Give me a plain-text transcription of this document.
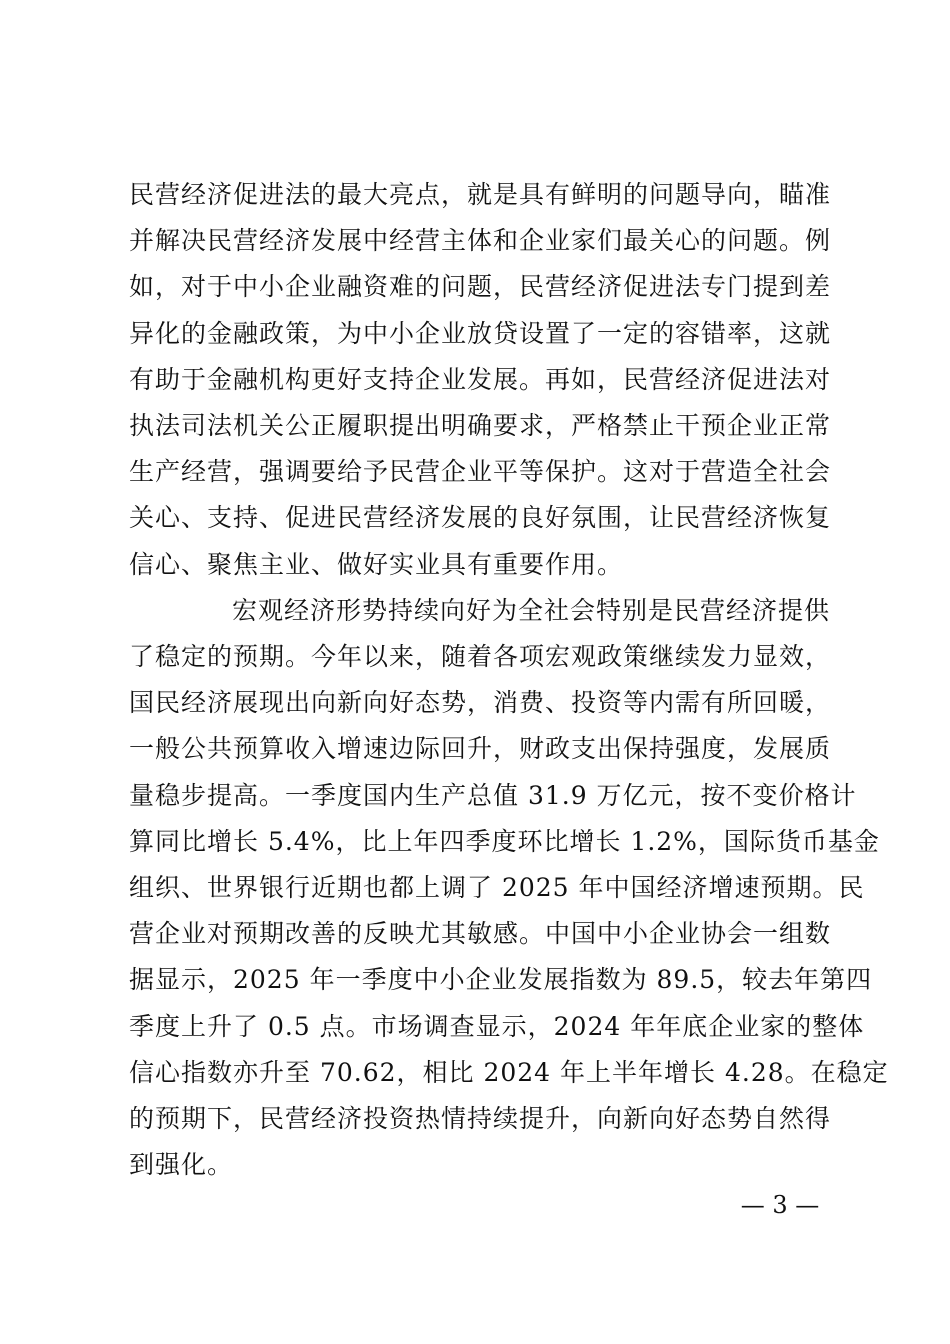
民营经济促进法的最大亮点，就是具有鲜明的问题导向，瞄准
并解决民营经济发展中经营主体和企业家们最关心的问题。例
如，对于中小企业融资难的问题，民营经济促进法专门提到差
异化的金融政策，为中小企业放贷设置了一定的容错率，这就
有助于金融机构更好支持企业发展。再如，民营经济促进法对
执法司法机关公正履职提出明确要求，严格禁止干预企业正常
生产经营，强调要给予民营企业平等保护。这对于营造全社会
关心、支持、促进民营经济发展的良好氛围，让民营经济恢复
信心、聚焦主业、做好实业具有重要作用。

宏观经济形势持续向好为全社会特别是民营经济提供
了稳定的预期。今年以来，随着各项宏观政策继续发力显效，
国民经济展现出向新向好态势，消费、投资等内需有所回暖，
一般公共预算收入增速边际回升，财政支出保持强度，发展质
量稳步提高。一季度国内生产总值 31.9 万亿元，按不变价格计
算同比增长 5.4%，比上年四季度环比增长 1.2%，国际货币基金
组织、世界银行近期也都上调了 2025 年中国经济增速预期。民
营企业对预期改善的反映尤其敏感。中国中小企业协会一组数
据显示，2025 年一季度中小企业发展指数为 89.5，较去年第四
季度上升了 0.5 点。市场调查显示，2024 年年底企业家的整体
信心指数亦升至 70.62，相比 2024 年上半年增长 4.28。在稳定
的预期下，民营经济投资热情持续提升，向新向好态势自然得
到强化。

— 3 —
